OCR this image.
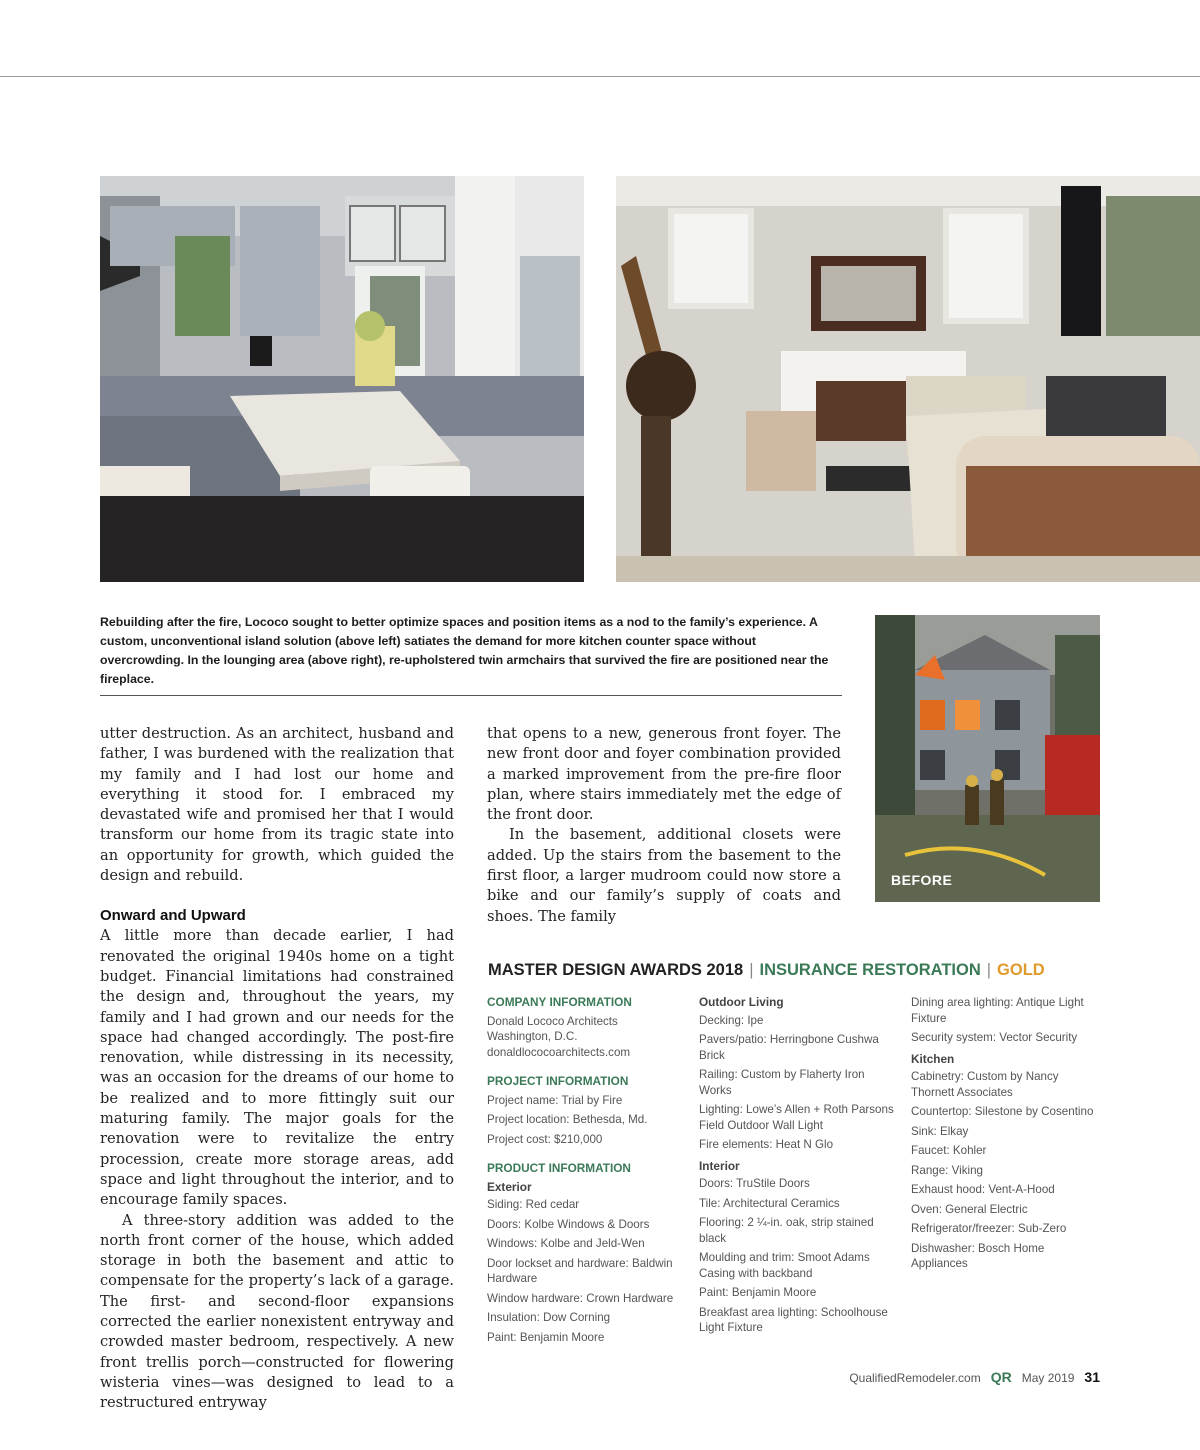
Rebuilding after the fire, Lococo sought to better optimize spaces and position items as a nod to the family’s experience. A custom, unconventional island solution (above left) satiates the demand for more kitchen counter space without overcrowding. In the lounging area (above right), re-upholstered twin armchairs that survived the fire are positioned near the fireplace.
BEFORE

utter destruction. As an architect, husband and father, I was burdened with the realization that my family and I had lost our home and everything it stood for. I embraced my devastated wife and promised her that I would transform our home from its tragic state into an opportunity for growth, which guided the design and rebuild.

Onward and Upward

A little more than decade earlier, I had renovated the original 1940s home on a tight budget. Financial limitations had constrained the design and, throughout the years, my family and I had grown and our needs for the space had changed accordingly. The post-fire renovation, while distressing in its necessity, was an occasion for the dreams of our home to be realized and to more fittingly suit our maturing family. The major goals for the renovation were to revitalize the entry procession, create more storage areas, add space and light throughout the interior, and to encourage family spaces.

A three-story addition was added to the north front corner of the house, which added storage in both the basement and attic to compensate for the property’s lack of a garage. The first- and second-floor expansions corrected the earlier nonexistent entryway and crowded master bedroom, respectively. A new front trellis porch—constructed for flowering wisteria vines—was designed to lead to a restructured entryway

that opens to a new, generous front foyer. The new front door and foyer combination provided a marked improvement from the pre-fire floor plan, where stairs immediately met the edge of the front door.

In the basement, additional closets were added. Up the stairs from the basement to the first floor, a larger mudroom could now store a bike and our family’s supply of coats and shoes. The family

MASTER DESIGN AWARDS 2018 | INSURANCE RESTORATION | GOLD
COMPANY INFORMATION
Donald Lococo Architects
Washington, D.C.
donaldlococoarchitects.com
PROJECT INFORMATION
Project name: Trial by Fire
Project location: Bethesda, Md.
Project cost: $210,000
PRODUCT INFORMATION
Exterior
Siding: Red cedar
Doors: Kolbe Windows & Doors
Windows: Kolbe and Jeld-Wen
Door lockset and hardware: Baldwin Hardware
Window hardware: Crown Hardware
Insulation: Dow Corning
Paint: Benjamin Moore
Outdoor Living
Decking: Ipe
Pavers/patio: Herringbone Cushwa Brick
Railing: Custom by Flaherty Iron Works
Lighting: Lowe’s Allen + Roth Parsons Field Outdoor Wall Light
Fire elements: Heat N Glo
Interior
Doors: TruStile Doors
Tile: Architectural Ceramics
Flooring: 2 ¼-in. oak, strip stained black
Moulding and trim: Smoot Adams Casing with backband
Paint: Benjamin Moore
Breakfast area lighting: Schoolhouse Light Fixture
Dining area lighting: Antique Light Fixture
Security system: Vector Security
Kitchen
Cabinetry: Custom by Nancy Thornett Associates
Countertop: Silestone by Cosentino
Sink: Elkay
Faucet: Kohler
Range: Viking
Exhaust hood: Vent-A-Hood
Oven: General Electric
Refrigerator/freezer: Sub-Zero
Dishwasher: Bosch Home Appliances
QualifiedRemodeler.com QR May 2019 31
